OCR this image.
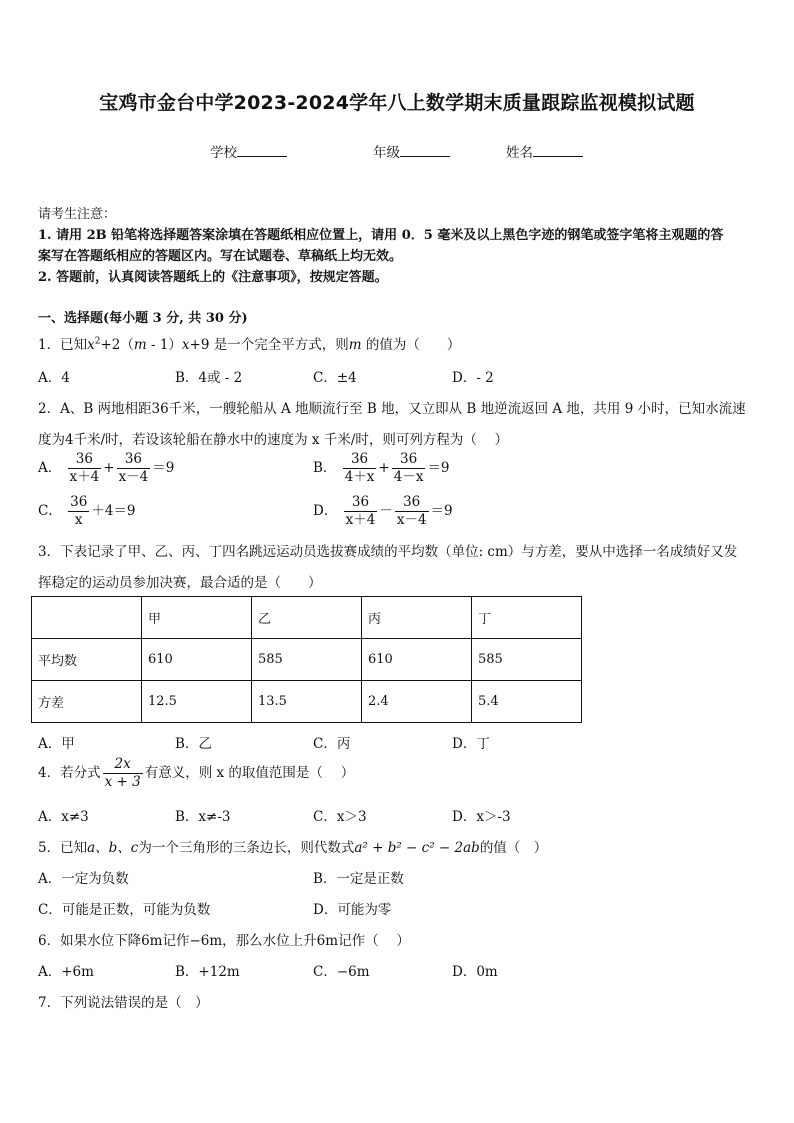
宝鸡市金台中学2023-2024学年八上数学期末质量跟踪监视模拟试题
学校	年级	姓名
请考生注意：
1. 请用 2B 铅笔将选择题答案涂填在答题纸相应位置上，请用 0．5 毫米及以上黑色字迹的钢笔或签字笔将主观题的答
案写在答题纸相应的答题区内。写在试题卷、草稿纸上均无效。
2. 答题前，认真阅读答题纸上的《注意事项》，按规定答题。
一、选择题(每小题 3 分, 共 30 分)
1．已知$x^2+2(m - 1)x+9$ 是一个完全平方式，则m 的值为（　　）
A．4	B．4或 - 2	C．±4	D．- 2
2．A、B 两地相距36千米，一艘轮船从 A 地顺流行至 B 地，又立即从 B 地逆流返回 A 地，共用 9 小时，已知水流速
度为4千米/时，若设该轮船在静水中的速度为 x 千米/时，则可列方程为（　 ）
A． $\frac{36}{x+4} + \frac{36}{x-4} =9$	B． $\frac{36}{4+x} + \frac{36}{4-x} =9$
C． $\frac{36}{x} +4=9$	D． $\frac{36}{x+4} - \frac{36}{x-4} =9$
3．下表记录了甲、乙、丙、丁四名跳远运动员选拔赛成绩的平均数（单位: cm）与方差，要从中选择一名成绩好又发
挥稳定的运动员参加决赛，最合适的是（　　）
	甲	乙	丙	丁
平均数	610	585	610	585
方差	12.5	13.5	2.4	5.4
A．甲	B．乙	C．丙	D．丁
4．若分式 $\frac{2x}{x + 3}$ 有意义，则 x 的取值范围是（　 ）
A．x≠3	B．x≠-3	C．x＞3	D．x＞-3
5．已知a、b、c为一个三角形的三条边长，则代数式a² + b² − c² − 2ab的值（　）
A．一定为负数	B．一定是正数
C．可能是正数，可能为负数	D．可能为零
6．如果水位下降6m记作−6m，那么水位上升6m记作（　 ）
A．+6m	B．+12m	C．−6m	D．0m
7．下列说法错误的是（　）
